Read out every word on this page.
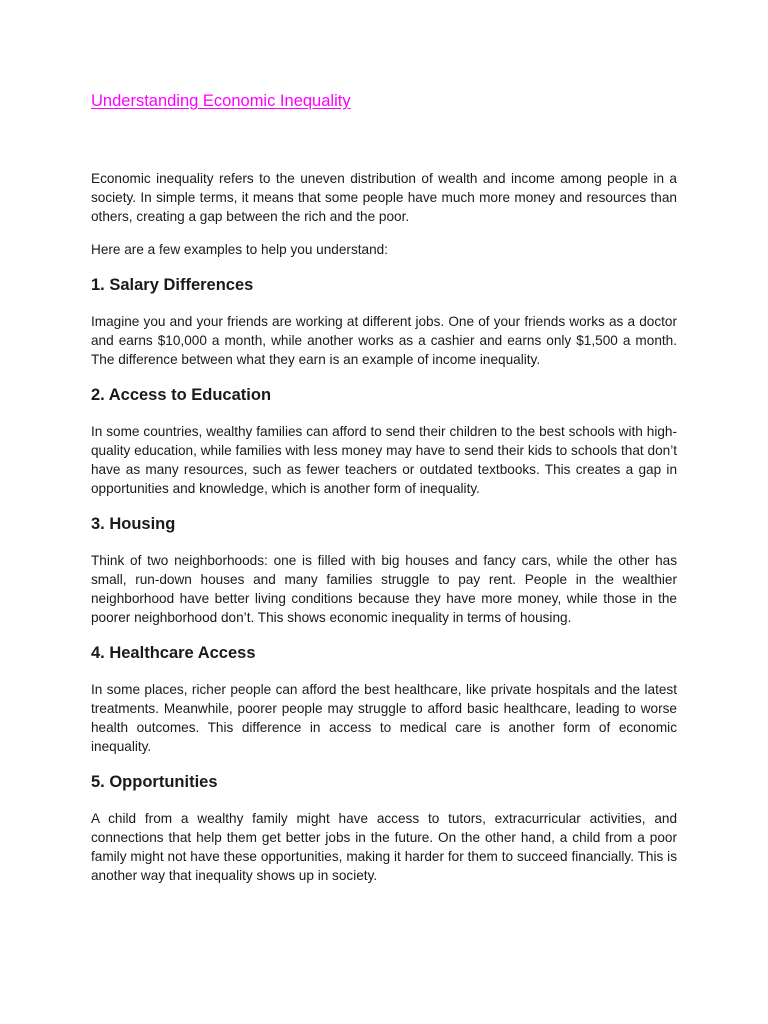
Understanding Economic Inequality

Economic inequality refers to the uneven distribution of wealth and income among people in a society. In simple terms, it means that some people have much more money and resources than others, creating a gap between the rich and the poor.

Here are a few examples to help you understand:

1. Salary Differences

Imagine you and your friends are working at different jobs. One of your friends works as a doctor and earns $10,000 a month, while another works as a cashier and earns only $1,500 a month. The difference between what they earn is an example of income inequality.

2. Access to Education

In some countries, wealthy families can afford to send their children to the best schools with high-quality education, while families with less money may have to send their kids to schools that don’t have as many resources, such as fewer teachers or outdated textbooks. This creates a gap in opportunities and knowledge, which is another form of inequality.

3. Housing

Think of two neighborhoods: one is filled with big houses and fancy cars, while the other has small, run-down houses and many families struggle to pay rent. People in the wealthier neighborhood have better living conditions because they have more money, while those in the poorer neighborhood don’t. This shows economic inequality in terms of housing.

4. Healthcare Access

In some places, richer people can afford the best healthcare, like private hospitals and the latest treatments. Meanwhile, poorer people may struggle to afford basic healthcare, leading to worse health outcomes. This difference in access to medical care is another form of economic inequality.

5. Opportunities

A child from a wealthy family might have access to tutors, extracurricular activities, and connections that help them get better jobs in the future. On the other hand, a child from a poor family might not have these opportunities, making it harder for them to succeed financially. This is another way that inequality shows up in society.
